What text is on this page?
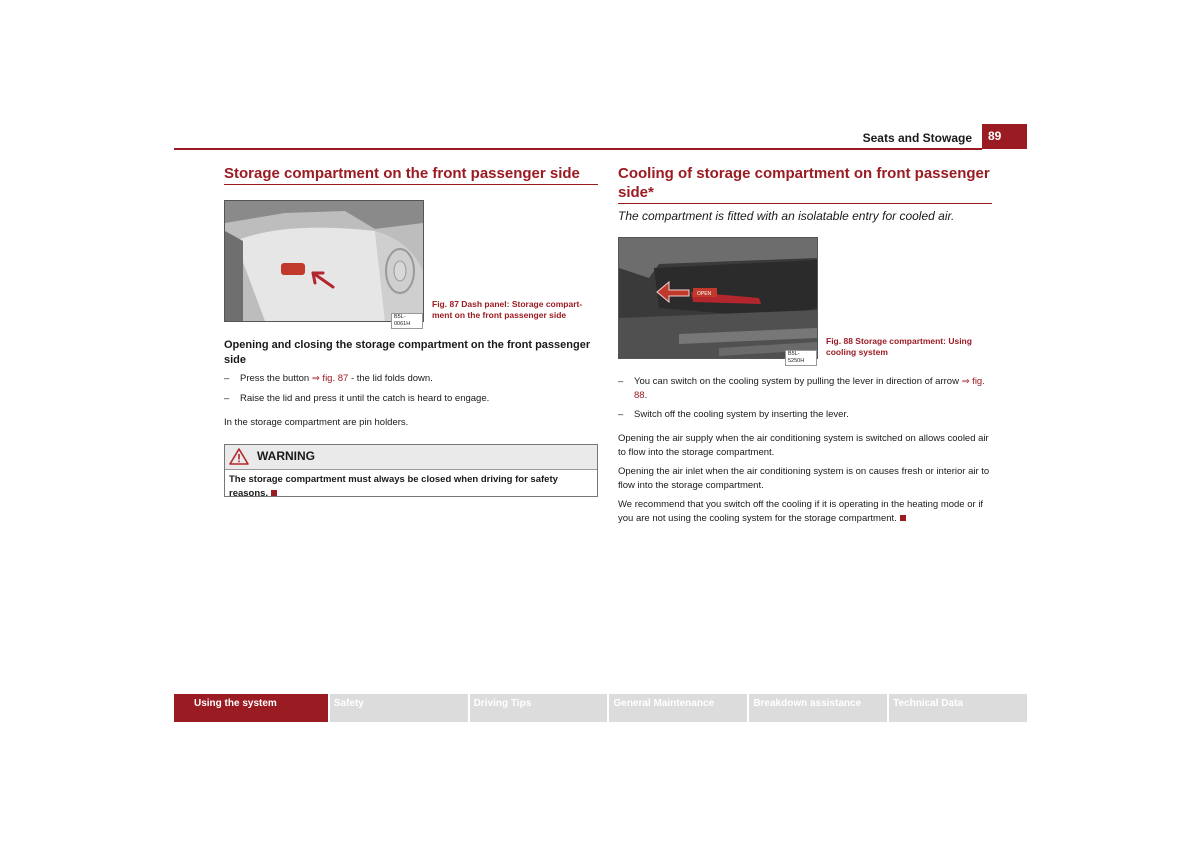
Seats and Stowage	89
Storage compartment on the front passenger side
B5L-0061H
Fig. 87 Dash panel: Storage compart-
ment on the front passenger side
Opening and closing the storage compartment on the front passenger side
– Press the button ⇒ fig. 87 - the lid folds down.
– Raise the lid and press it until the catch is heard to engage.
In the storage compartment are pin holders.
WARNING
The storage compartment must always be closed when driving for safety reasons.
Cooling of storage compartment on front passenger side*
The compartment is fitted with an isolatable entry for cooled air.
OPEN
B5L-5250H
Fig. 88 Storage compartment: Using
cooling system
– You can switch on the cooling system by pulling the lever in direction of arrow ⇒ fig. 88.
– Switch off the cooling system by inserting the lever.
Opening the air supply when the air conditioning system is switched on allows cooled air to flow into the storage compartment.
Opening the air inlet when the air conditioning system is on causes fresh or interior air to flow into the storage compartment.
We recommend that you switch off the cooling if it is operating in the heating mode or if you are not using the cooling system for the storage compartment.
Using the system	Safety	Driving Tips	General Maintenance	Breakdown assistance	Technical Data
